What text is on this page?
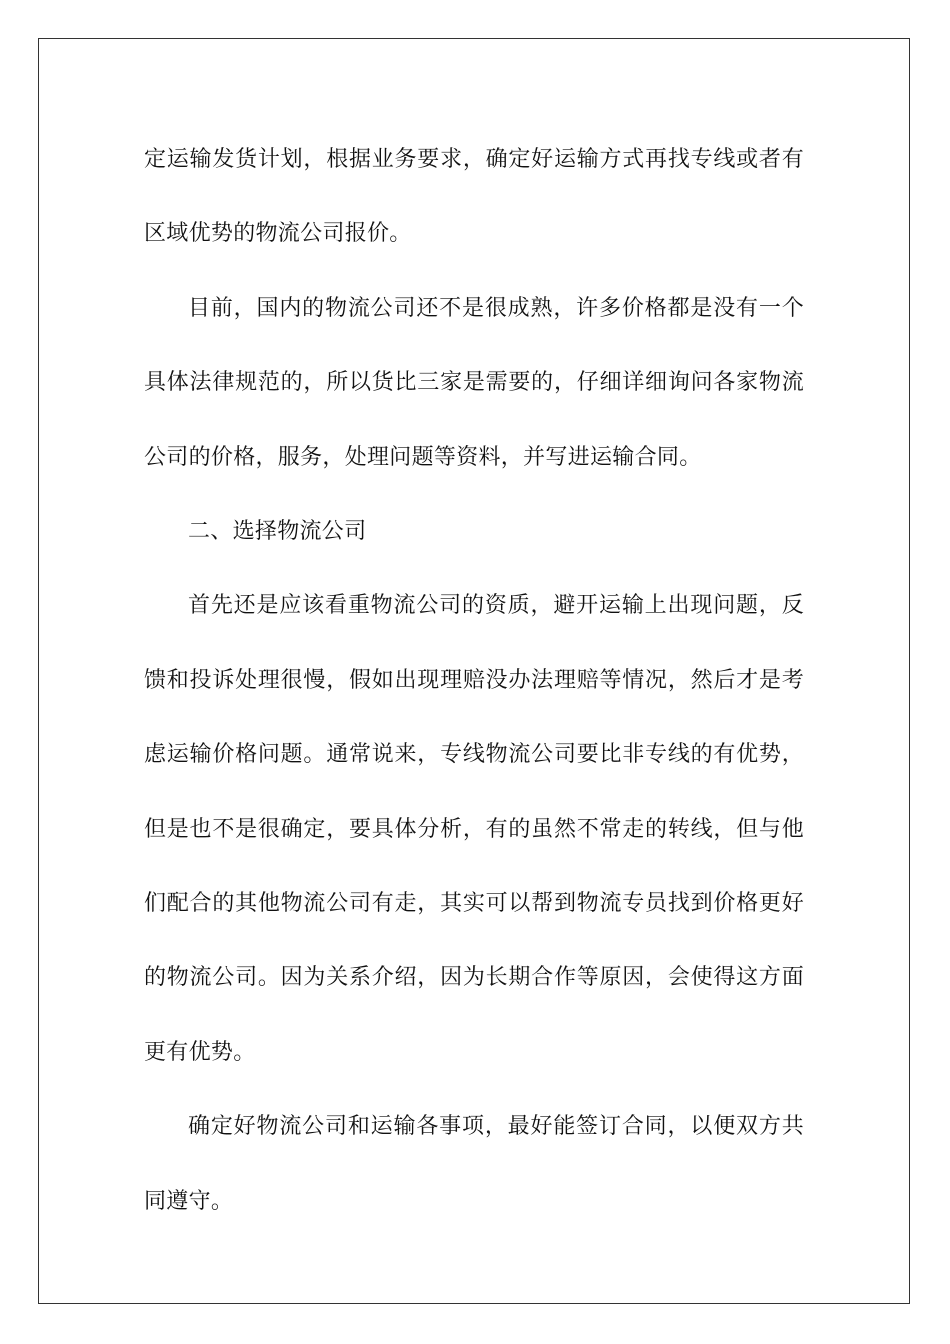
定运输发货计划，根据业务要求，确定好运输方式再找专线或者有区域优势的物流公司报价。

目前，国内的物流公司还不是很成熟，许多价格都是没有一个具体法律规范的，所以货比三家是需要的，仔细详细询问各家物流公司的价格，服务，处理问题等资料，并写进运输合同。

二、选择物流公司

首先还是应该看重物流公司的资质，避开运输上出现问题，反馈和投诉处理很慢，假如出现理赔没办法理赔等情况，然后才是考虑运输价格问题。通常说来，专线物流公司要比非专线的有优势，但是也不是很确定，要具体分析，有的虽然不常走的转线，但与他们配合的其他物流公司有走，其实可以帮到物流专员找到价格更好的物流公司。因为关系介绍，因为长期合作等原因，会使得这方面更有优势。

确定好物流公司和运输各事项，最好能签订合同，以便双方共同遵守。
